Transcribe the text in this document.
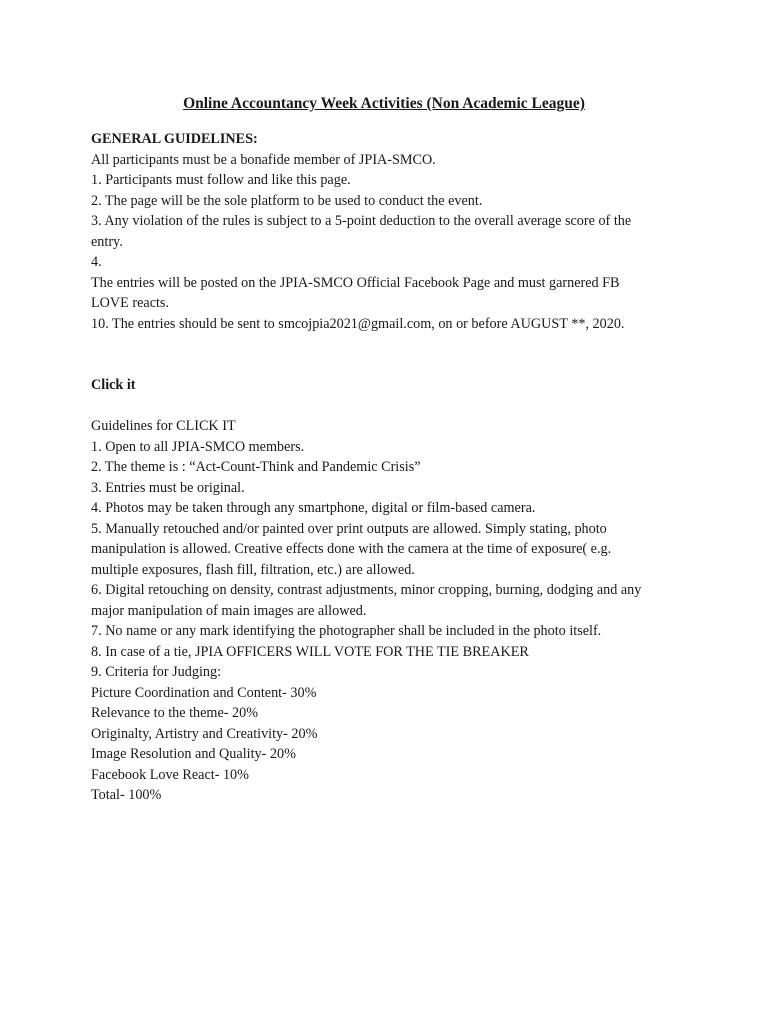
Online Accountancy Week Activities (Non Academic League)
GENERAL GUIDELINES:
All participants must be a bonafide member of JPIA-SMCO.
1. Participants must follow and like this page.
2. The page will be the sole platform to be used to conduct the event.
3. Any violation of the rules is subject to a 5-point deduction to the overall average score of the
entry.
4.
The entries will be posted on the JPIA-SMCO Official Facebook Page and must garnered FB
LOVE reacts.
10. The entries should be sent to smcojpia2021@gmail.com, on or before AUGUST **, 2020.
Click it
Guidelines for CLICK IT
1. Open to all JPIA-SMCO members.
2. The theme is : “Act-Count-Think and Pandemic Crisis”
3. Entries must be original.
4. Photos may be taken through any smartphone, digital or film-based camera.
5. Manually retouched and/or painted over print outputs are allowed. Simply stating, photo
manipulation is allowed. Creative effects done with the camera at the time of exposure( e.g.
multiple exposures, flash fill, filtration, etc.) are allowed.
6. Digital retouching on density, contrast adjustments, minor cropping, burning, dodging and any
major manipulation of main images are allowed.
7. No name or any mark identifying the photographer shall be included in the photo itself.
8. In case of a tie, JPIA OFFICERS WILL VOTE FOR THE TIE BREAKER
9. Criteria for Judging:
Picture Coordination and Content- 30%
Relevance to the theme- 20%
Originalty, Artistry and Creativity- 20%
Image Resolution and Quality- 20%
Facebook Love React- 10%
Total- 100%
